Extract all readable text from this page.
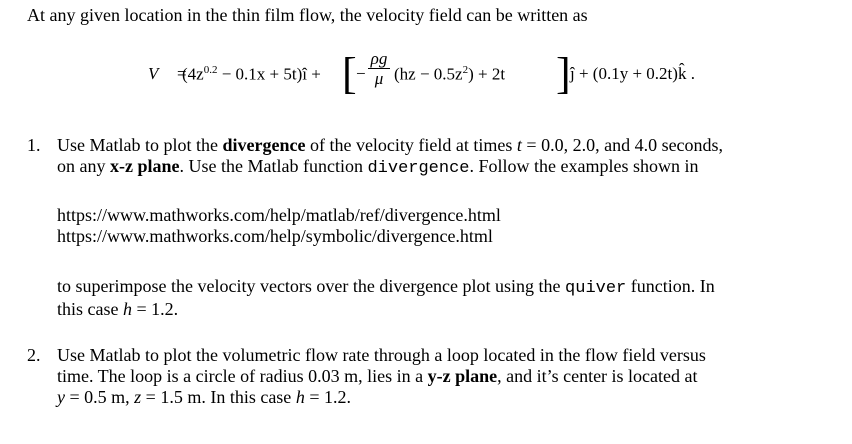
At any given location in the thin film flow, the velocity field can be written as
V⃗ =
($4z^{0.2} - 0.1x$ + 5t)î + [ −
ρg
μ $(hz - 0.5z^2) + 2t$ ] ĵ + (0.1y + 0.2t)k̂ .
1. Use Matlab to plot the divergence of the velocity field at times t = 0.0, 2.0, and 4.0 seconds,
on any x-z plane. Use the Matlab function divergence. Follow the examples shown in
https://www.mathworks.com/help/matlab/ref/divergence.html
https://www.mathworks.com/help/symbolic/divergence.html
to superimpose the velocity vectors over the divergence plot using the quiver function. In
this case h = 1.2.
2. Use Matlab to plot the volumetric flow rate through a loop located in the flow field versus
time. The loop is a circle of radius 0.03 m, lies in a y-z plane, and it’s center is located at
y = 0.5 m, z = 1.5 m. In this case h = 1.2.
